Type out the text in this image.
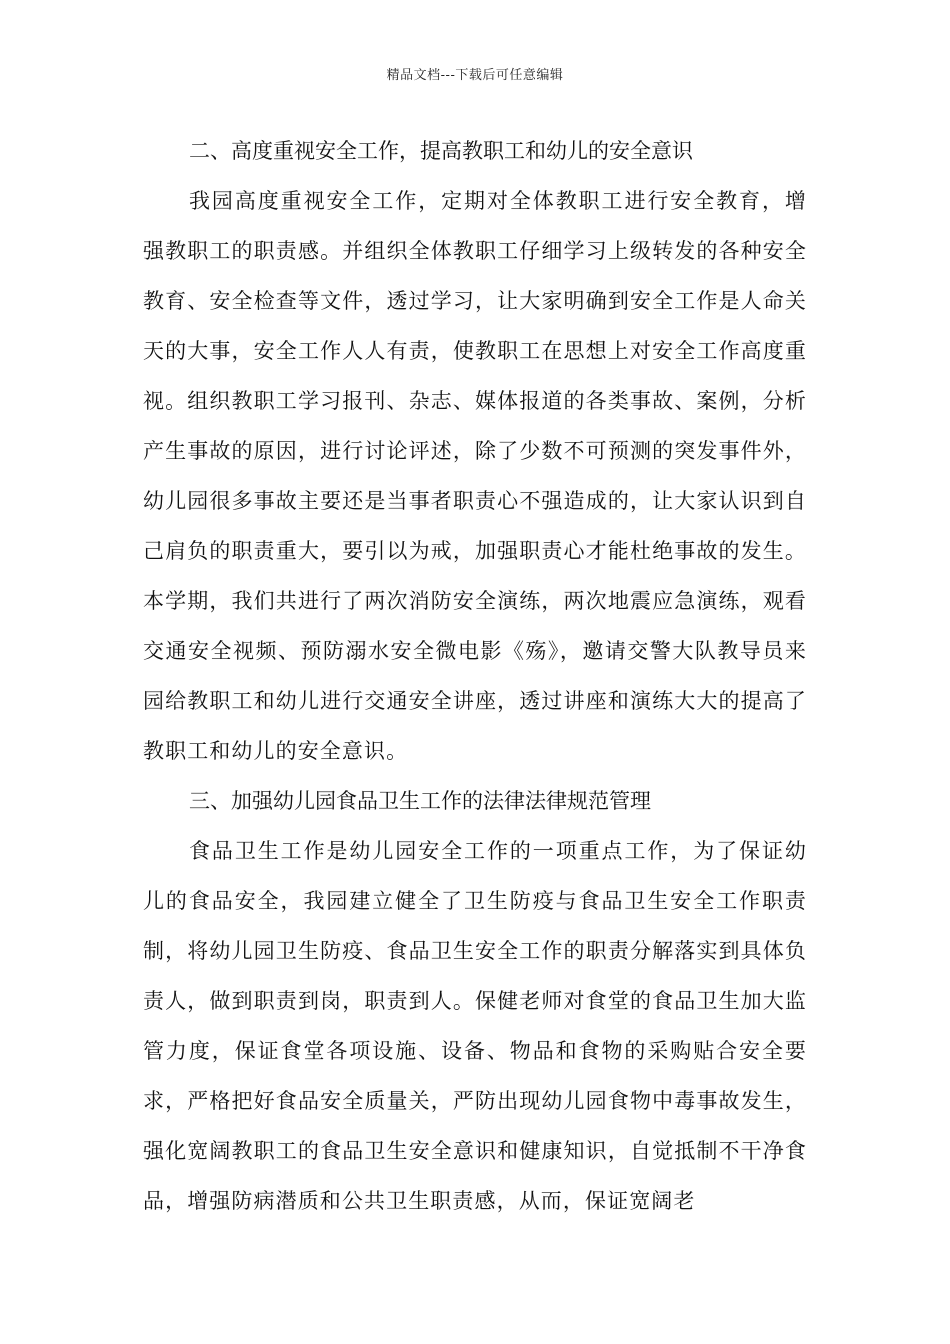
精品文档---下载后可任意编辑
二、高度重视安全工作，提高教职工和幼儿的安全意识

我园高度重视安全工作，定期对全体教职工进行安全教育，增强教职工的职责感。并组织全体教职工仔细学习上级转发的各种安全教育、安全检查等文件，透过学习，让大家明确到安全工作是人命关天的大事，安全工作人人有责，使教职工在思想上对安全工作高度重视。组织教职工学习报刊、杂志、媒体报道的各类事故、案例，分析产生事故的原因，进行讨论评述，除了少数不可预测的突发事件外，幼儿园很多事故主要还是当事者职责心不强造成的，让大家认识到自己肩负的职责重大，要引以为戒，加强职责心才能杜绝事故的发生。本学期，我们共进行了两次消防安全演练，两次地震应急演练，观看交通安全视频、预防溺水安全微电影《殇》，邀请交警大队教导员来园给教职工和幼儿进行交通安全讲座，透过讲座和演练大大的提高了教职工和幼儿的安全意识。

三、加强幼儿园食品卫生工作的法律法律规范管理

食品卫生工作是幼儿园安全工作的一项重点工作，为了保证幼儿的食品安全，我园建立健全了卫生防疫与食品卫生安全工作职责制，将幼儿园卫生防疫、食品卫生安全工作的职责分解落实到具体负责人，做到职责到岗，职责到人。保健老师对食堂的食品卫生加大监管力度，保证食堂各项设施、设备、物品和食物的采购贴合安全要求，严格把好食品安全质量关，严防出现幼儿园食物中毒事故发生，强化宽阔教职工的食品卫生安全意识和健康知识，自觉抵制不干净食品，增强防病潜质和公共卫生职责感，从而，保证宽阔老
